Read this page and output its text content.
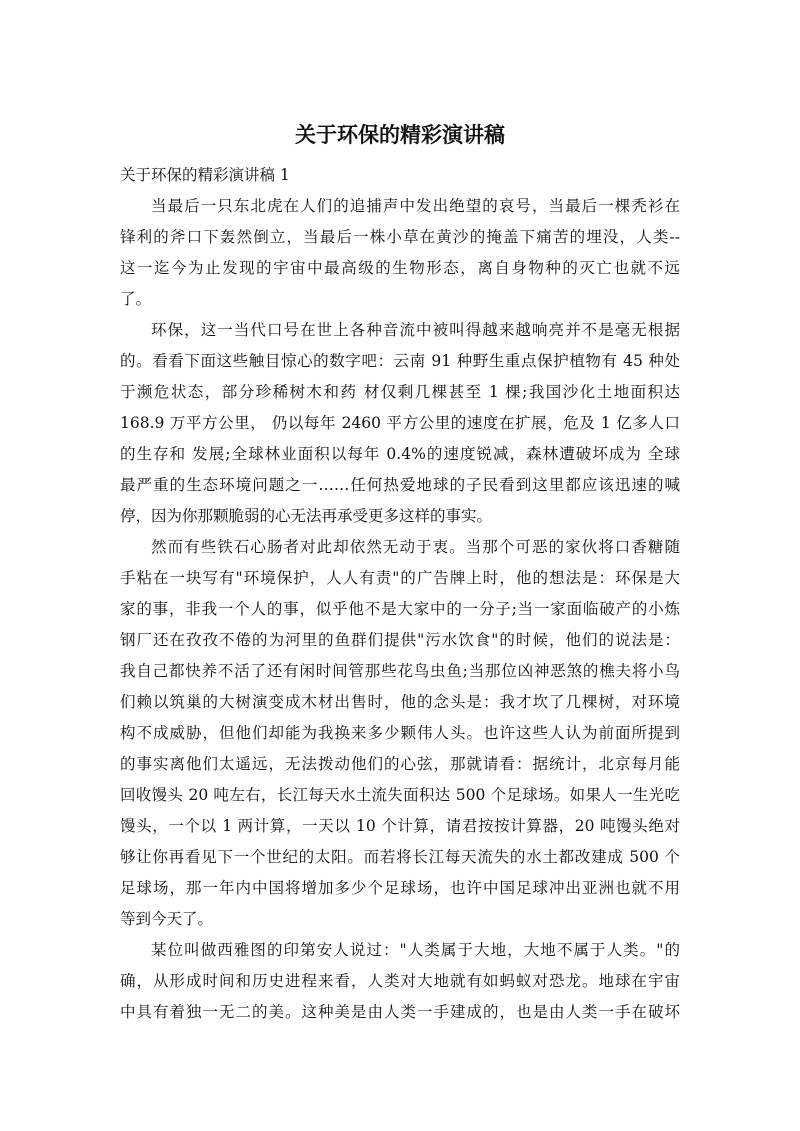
关于环保的精彩演讲稿
关于环保的精彩演讲稿 1
当最后一只东北虎在人们的追捕声中发出绝望的哀号，当最后一棵秃衫在
锋利的斧口下轰然倒立，当最后一株小草在黄沙的掩盖下痛苦的埋没，人类--
这一迄今为止发现的宇宙中最高级的生物形态，离自身物种的灭亡也就不远
了。
环保，这一当代口号在世上各种音流中被叫得越来越响亮并不是毫无根据
的。看看下面这些触目惊心的数字吧：云南 91 种野生重点保护植物有 45 种处
于濒危状态，部分珍稀树木和药 材仅剩几棵甚至 1 棵;我国沙化土地面积达
168.9 万平方公里， 仍以每年 2460 平方公里的速度在扩展，危及 1 亿多人口
的生存和 发展;全球林业面积以每年 0.4%的速度锐减，森林遭破坏成为 全球
最严重的生态环境问题之一……任何热爱地球的子民看到这里都应该迅速的喊
停，因为你那颗脆弱的心无法再承受更多这样的事实。
然而有些铁石心肠者对此却依然无动于衷。当那个可恶的家伙将口香糖随
手粘在一块写有"环境保护，人人有责"的广告牌上时，他的想法是：环保是大
家的事，非我一个人的事，似乎他不是大家中的一分子;当一家面临破产的小炼
钢厂还在孜孜不倦的为河里的鱼群们提供"污水饮食"的时候，他们的说法是：
我自己都快养不活了还有闲时间管那些花鸟虫鱼;当那位凶神恶煞的樵夫将小鸟
们赖以筑巢的大树演变成木材出售时，他的念头是：我才坎了几棵树，对环境
构不成威胁，但他们却能为我换来多少颗伟人头。也许这些人认为前面所提到
的事实离他们太遥远，无法拨动他们的心弦，那就请看：据统计，北京每月能
回收馒头 20 吨左右，长江每天水土流失面积达 500 个足球场。如果人一生光吃
馒头，一个以 1 两计算，一天以 10 个计算，请君按按计算器，20 吨馒头绝对
够让你再看见下一个世纪的太阳。而若将长江每天流失的水土都改建成 500 个
足球场，那一年内中国将增加多少个足球场，也许中国足球冲出亚洲也就不用
等到今天了。
某位叫做西雅图的印第安人说过："人类属于大地，大地不属于人类。"的
确，从形成时间和历史进程来看，人类对大地就有如蚂蚁对恐龙。地球在宇宙
中具有着独一无二的美。这种美是由人类一手建成的，也是由人类一手在破坏
